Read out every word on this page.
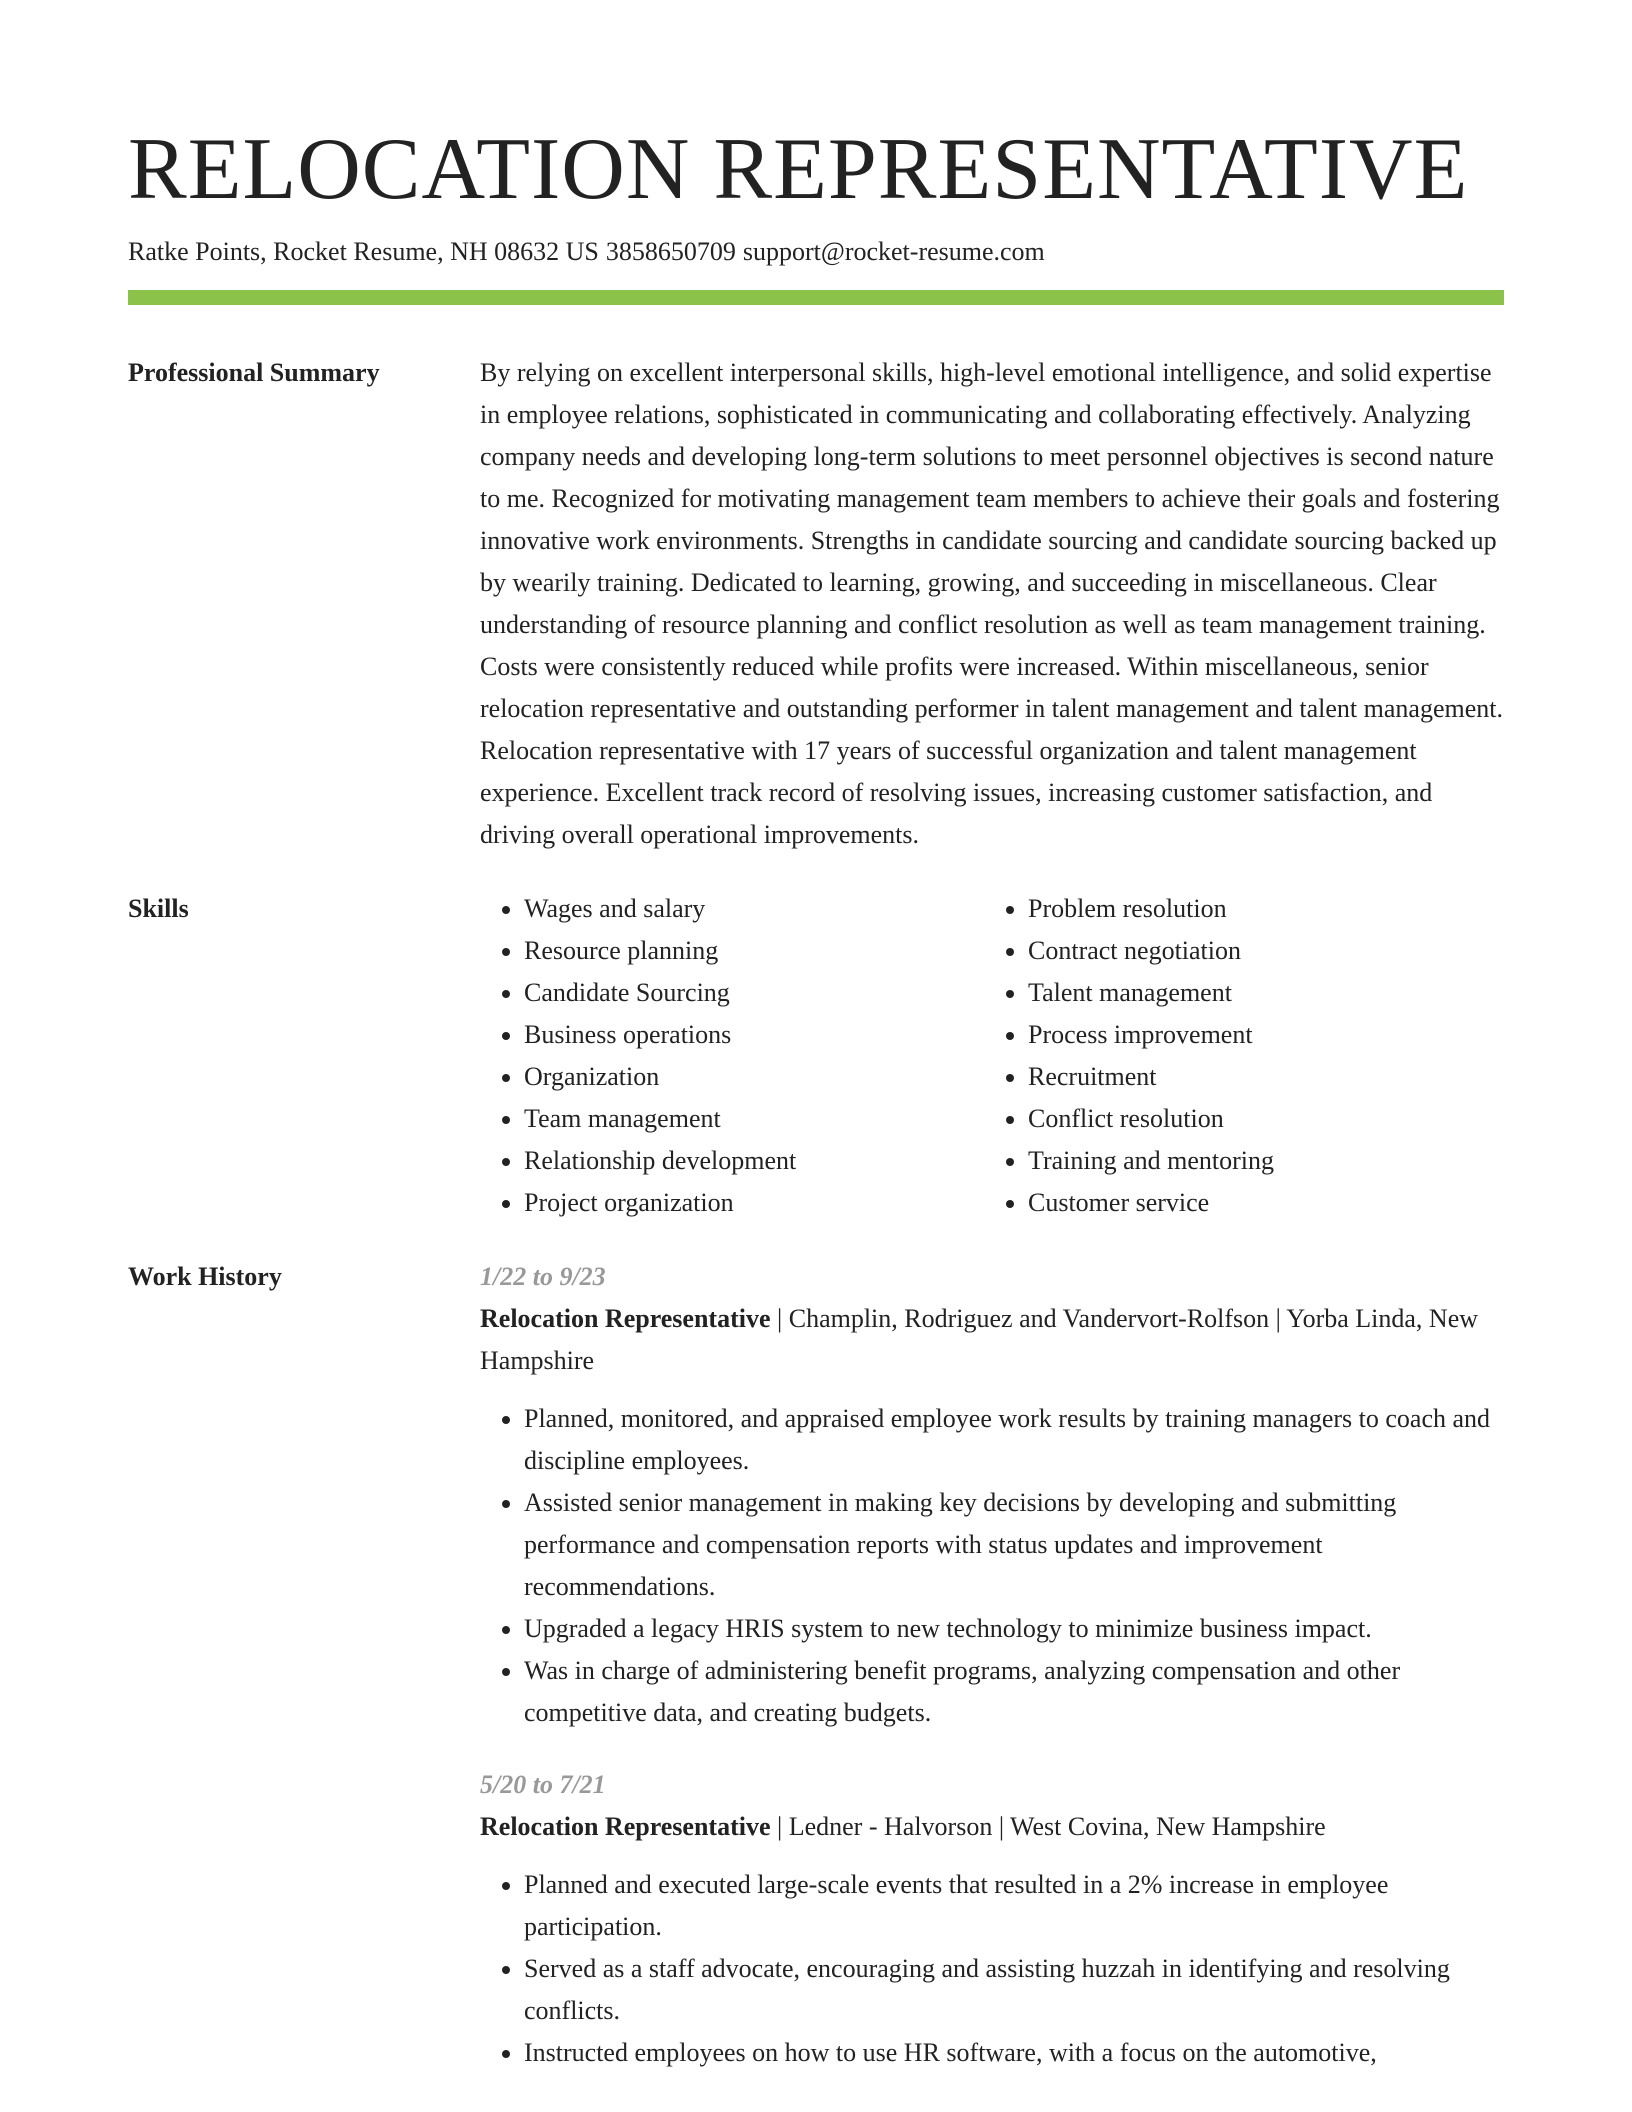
RELOCATION REPRESENTATIVE
Ratke Points, Rocket Resume, NH 08632 US 3858650709 support@rocket-resume.com
Professional Summary	By relying on excellent interpersonal skills, high-level emotional intelligence, and solid expertise in employee relations, sophisticated in communicating and collaborating effectively. Analyzing company needs and developing long-term solutions to meet personnel objectives is second nature to me. Recognized for motivating management team members to achieve their goals and fostering innovative work environments. Strengths in candidate sourcing and candidate sourcing backed up by wearily training. Dedicated to learning, growing, and succeeding in miscellaneous. Clear understanding of resource planning and conflict resolution as well as team management training. Costs were consistently reduced while profits were increased. Within miscellaneous, senior relocation representative and outstanding performer in talent management and talent management. Relocation representative with 17 years of successful organization and talent management experience. Excellent track record of resolving issues, increasing customer satisfaction, and driving overall operational improvements.

Skills
•	Wages and salary
• Resource planning
• Candidate Sourcing
• Business operations
• Organization
• Team management
• Relationship development
• Project organization
• Problem resolution
• Contract negotiation
• Talent management
• Process improvement
• Recruitment
• Conflict resolution
• Training and mentoring
• Customer service
Work History	1/22 to 9/23
Relocation Representative | Champlin, Rodriguez and Vandervort-Rolfson | Yorba Linda, New Hampshire
• Planned, monitored, and appraised employee work results by training managers to coach and discipline employees.
• Assisted senior management in making key decisions by developing and submitting performance and compensation reports with status updates and improvement recommendations.
• Upgraded a legacy HRIS system to new technology to minimize business impact.
• Was in charge of administering benefit programs, analyzing compensation and other competitive data, and creating budgets.
5/20 to 7/21
Relocation Representative | Ledner - Halvorson | West Covina, New Hampshire
• Planned and executed large-scale events that resulted in a 2% increase in employee participation.
• Served as a staff advocate, encouraging and assisting huzzah in identifying and resolving conflicts.
• Instructed employees on how to use HR software, with a focus on the automotive,
